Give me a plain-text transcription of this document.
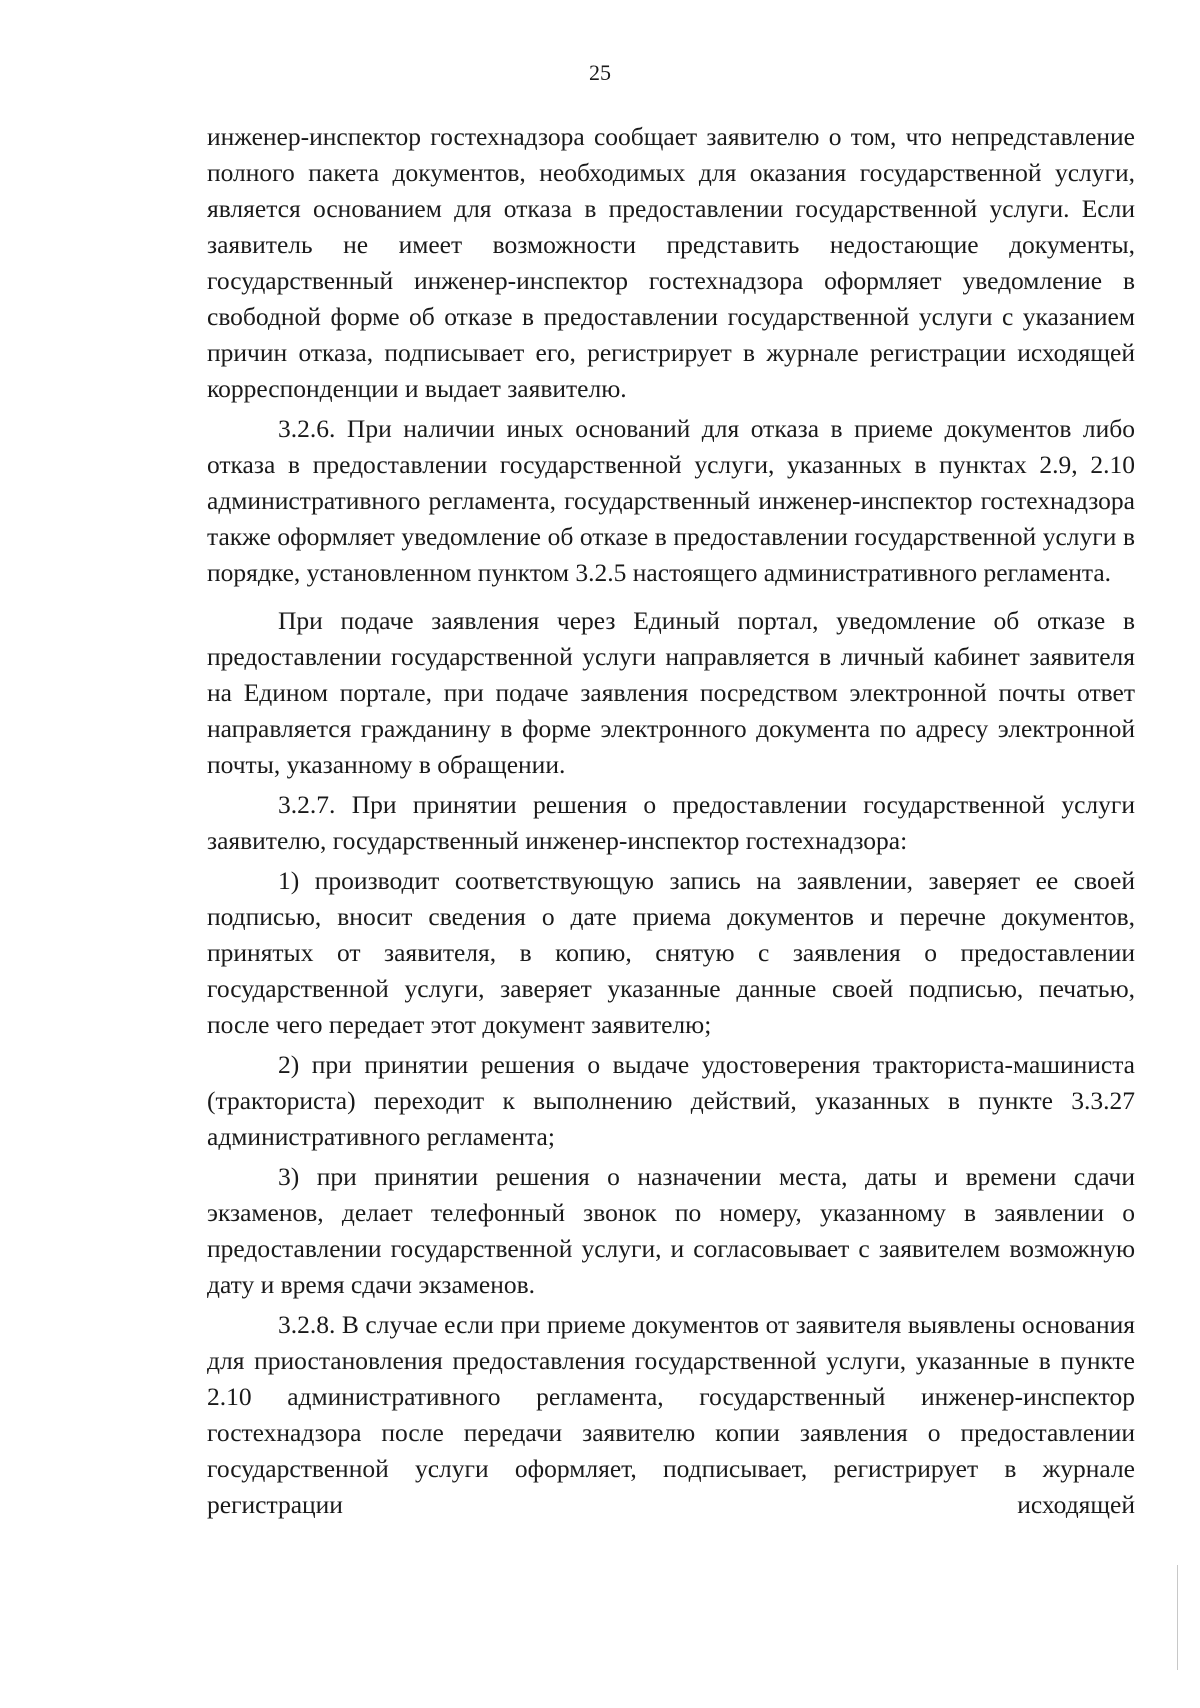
25

инженер-инспектор гостехнадзора сообщает заявителю о том, что непредставление полного пакета документов, необходимых для оказания государственной услуги, является основанием для отказа в предоставлении государственной услуги. Если заявитель не имеет возможности представить недостающие документы, государственный инженер-инспектор гостехнадзора оформляет уведомление в свободной форме об отказе в предоставлении государственной услуги с указанием причин отказа, подписывает его, регистрирует в журнале регистрации исходящей корреспонденции и выдает заявителю.

3.2.6. При наличии иных оснований для отказа в приеме документов либо отказа в предоставлении государственной услуги, указанных в пунктах 2.9, 2.10 административного регламента, государственный инженер-инспектор гостехнадзора также оформляет уведомление об отказе в предоставлении государственной услуги в порядке, установленном пунктом 3.2.5 настоящего административного регламента.

При подаче заявления через Единый портал, уведомление об отказе в предоставлении государственной услуги направляется в личный кабинет заявителя на Едином портале, при подаче заявления посредством электронной почты ответ направляется гражданину в форме электронного документа по адресу электронной почты, указанному в обращении.

3.2.7. При принятии решения о предоставлении государственной услуги заявителю, государственный инженер-инспектор гостехнадзора:

1) производит соответствующую запись на заявлении, заверяет ее своей подписью, вносит сведения о дате приема документов и перечне документов, принятых от заявителя, в копию, снятую с заявления о предоставлении государственной услуги, заверяет указанные данные своей подписью, печатью, после чего передает этот документ заявителю;

2) при принятии решения о выдаче удостоверения тракториста-машиниста (тракториста) переходит к выполнению действий, указанных в пункте 3.3.27 административного регламента;

3) при принятии решения о назначении места, даты и времени сдачи экзаменов, делает телефонный звонок по номеру, указанному в заявлении о предоставлении государственной услуги, и согласовывает с заявителем возможную дату и время сдачи экзаменов.

3.2.8. В случае если при приеме документов от заявителя выявлены основания для приостановления предоставления государственной услуги, указанные в пункте 2.10 административного регламента, государственный инженер-инспектор гостехнадзора после передачи заявителю копии заявления о предоставлении государственной услуги оформляет, подписывает, регистрирует в журнале регистрации исходящей
